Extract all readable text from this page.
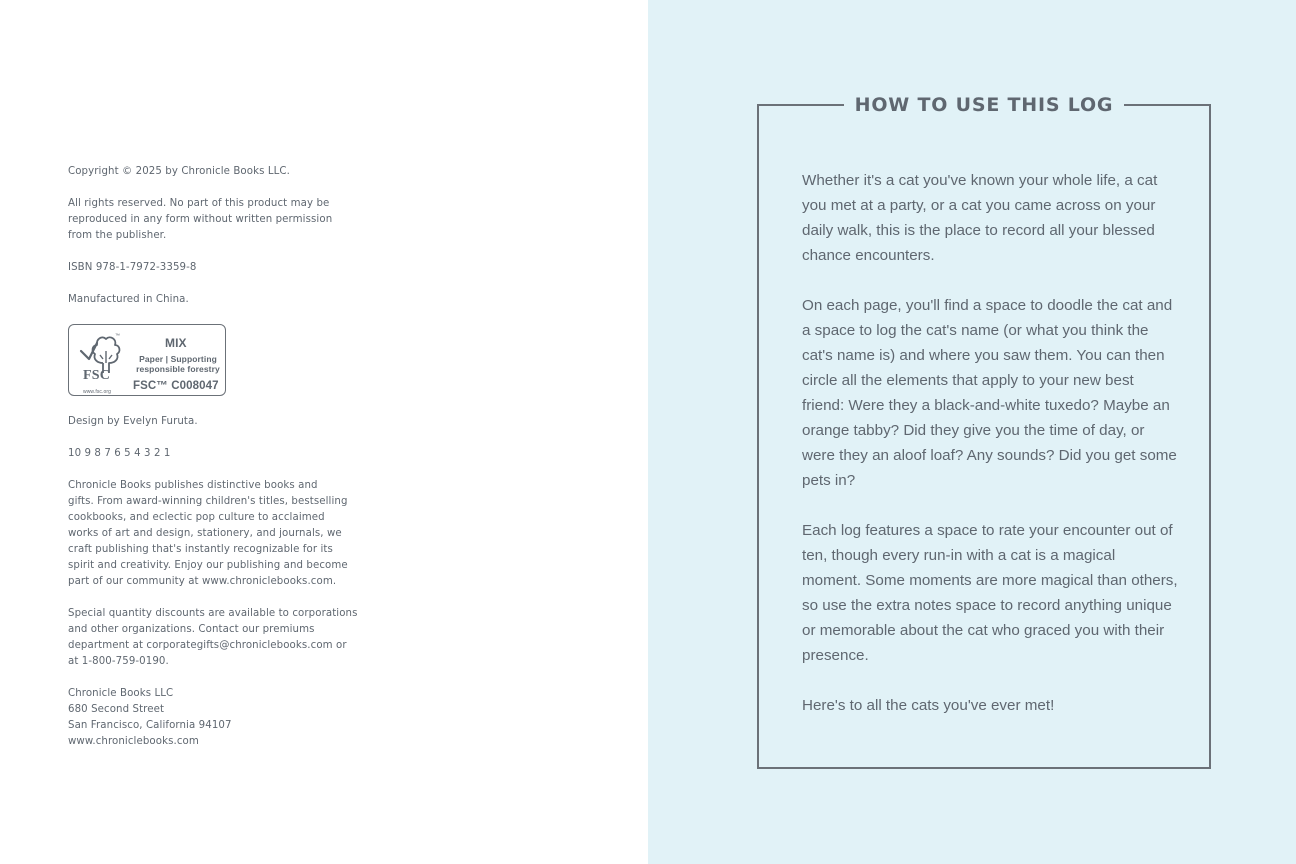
Copyright © 2025 by Chronicle Books LLC.

All rights reserved. No part of this product may be
reproduced in any form without written permission
from the publisher.

ISBN 978-1-7972-3359-8

Manufactured in China.

™
FSC
www.fsc.org
MIX
Paper | Supporting
responsible forestry
FSC™ C008047

Design by Evelyn Furuta.

10 9 8 7 6 5 4 3 2 1

Chronicle Books publishes distinctive books and
gifts. From award-winning children's titles, bestselling
cookbooks, and eclectic pop culture to acclaimed
works of art and design, stationery, and journals, we
craft publishing that's instantly recognizable for its
spirit and creativity. Enjoy our publishing and become
part of our community at www.chroniclebooks.com.

Special quantity discounts are available to corporations
and other organizations. Contact our premiums
department at corporategifts@chroniclebooks.com or
at 1-800-759-0190.

Chronicle Books LLC
680 Second Street
San Francisco, California 94107
www.chroniclebooks.com

HOW TO USE THIS LOG

Whether it's a cat you've known your whole life, a cat you met at a party, or a cat you came across on your daily walk, this is the place to record all your blessed chance encounters.

On each page, you'll find a space to doodle the cat and a space to log the cat's name (or what you think the cat's name is) and where you saw them. You can then circle all the elements that apply to your new best friend: Were they a black-and-white tuxedo? Maybe an orange tabby? Did they give you the time of day, or were they an aloof loaf? Any sounds? Did you get some pets in?

Each log features a space to rate your encounter out of ten, though every run-in with a cat is a magical moment. Some moments are more magical than others, so use the extra notes space to record anything unique or memorable about the cat who graced you with their presence.

Here's to all the cats you've ever met!
